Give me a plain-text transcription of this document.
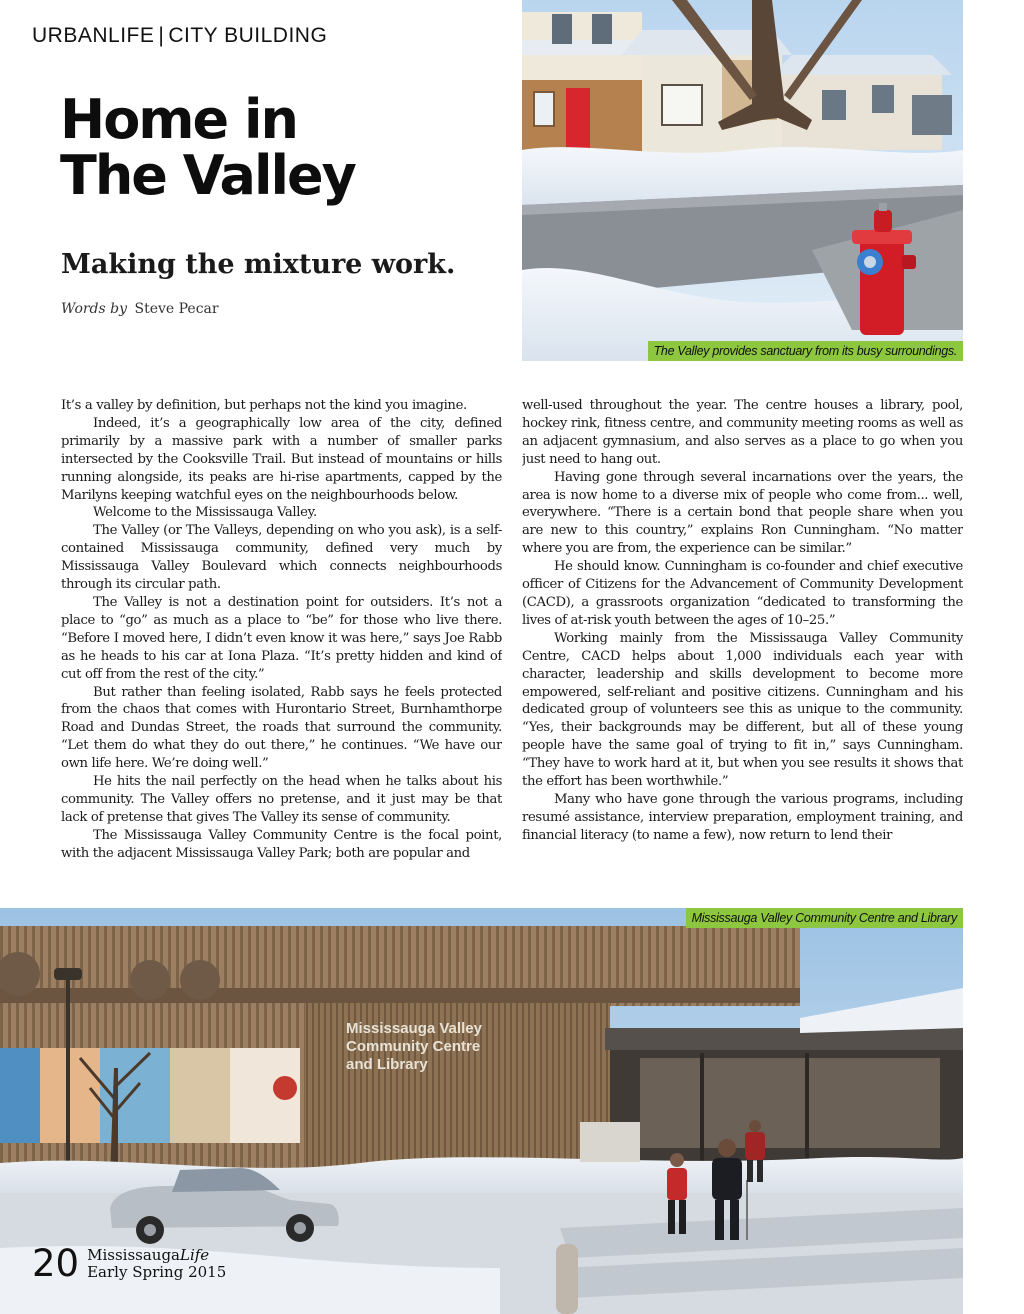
URBANLIFE | CITY BUILDING
Home in
The Valley
Making the mixture work.
Words by Steve Pecar
The Valley provides sanctuary from its busy surroundings.

It’s a valley by definition, but perhaps not the kind you imagine.

Indeed, it’s a geographically low area of the city, defined primarily by a massive park with a number of smaller parks intersected by the Cooksville Trail. But instead of mountains or hills running alongside, its peaks are hi-rise apartments, capped by the Marilyns keeping watchful eyes on the neighbourhoods below.

Welcome to the Mississauga Valley.

The Valley (or The Valleys, depending on who you ask), is a self-contained Mississauga community, defined very much by Mississauga Valley Boulevard which connects neighbourhoods through its circular path.

The Valley is not a destination point for outsiders. It’s not a place to “go” as much as a place to “be” for those who live there. “Before I moved here, I didn’t even know it was here,” says Joe Rabb as he heads to his car at Iona Plaza. “It’s pretty hidden and kind of cut off from the rest of the city.”

But rather than feeling isolated, Rabb says he feels protected from the chaos that comes with Hurontario Street, Burnhamthorpe Road and Dundas Street, the roads that surround the community. “Let them do what they do out there,” he continues. “We have our own life here. We’re doing well.”

He hits the nail perfectly on the head when he talks about his community. The Valley offers no pretense, and it just may be that lack of pretense that gives The Valley its sense of community.

The Mississauga Valley Community Centre is the focal point, with the adjacent Mississauga Valley Park; both are popular and

well-used throughout the year. The centre houses a library, pool, hockey rink, fitness centre, and community meeting rooms as well as an adjacent gymnasium, and also serves as a place to go when you just need to hang out.

Having gone through several incarnations over the years, the area is now home to a diverse mix of people who come from... well, everywhere. “There is a certain bond that people share when you are new to this country,” explains Ron Cunningham. “No matter where you are from, the experience can be similar.”

He should know. Cunningham is co-founder and chief executive officer of Citizens for the Advancement of Community Development (CACD), a grassroots organization “dedicated to transforming the lives of at-risk youth between the ages of 10–25.”

Working mainly from the Mississauga Valley Community Centre, CACD helps about 1,000 individuals each year with character, leadership and skills development to become more empowered, self-reliant and positive citizens. Cunningham and his dedicated group of volunteers see this as unique to the community. “Yes, their backgrounds may be different, but all of these young people have the same goal of trying to fit in,” says Cunningham. “They have to work hard at it, but when you see results it shows that the effort has been worthwhile.”

Many who have gone through the various programs, including resumé assistance, interview preparation, employment training, and financial literacy (to name a few), now return to lend their

Mississauga Valley
Community Centre
and Library
Mississauga Valley Community Centre and Library
20 MississaugaLife
Early Spring 2015
